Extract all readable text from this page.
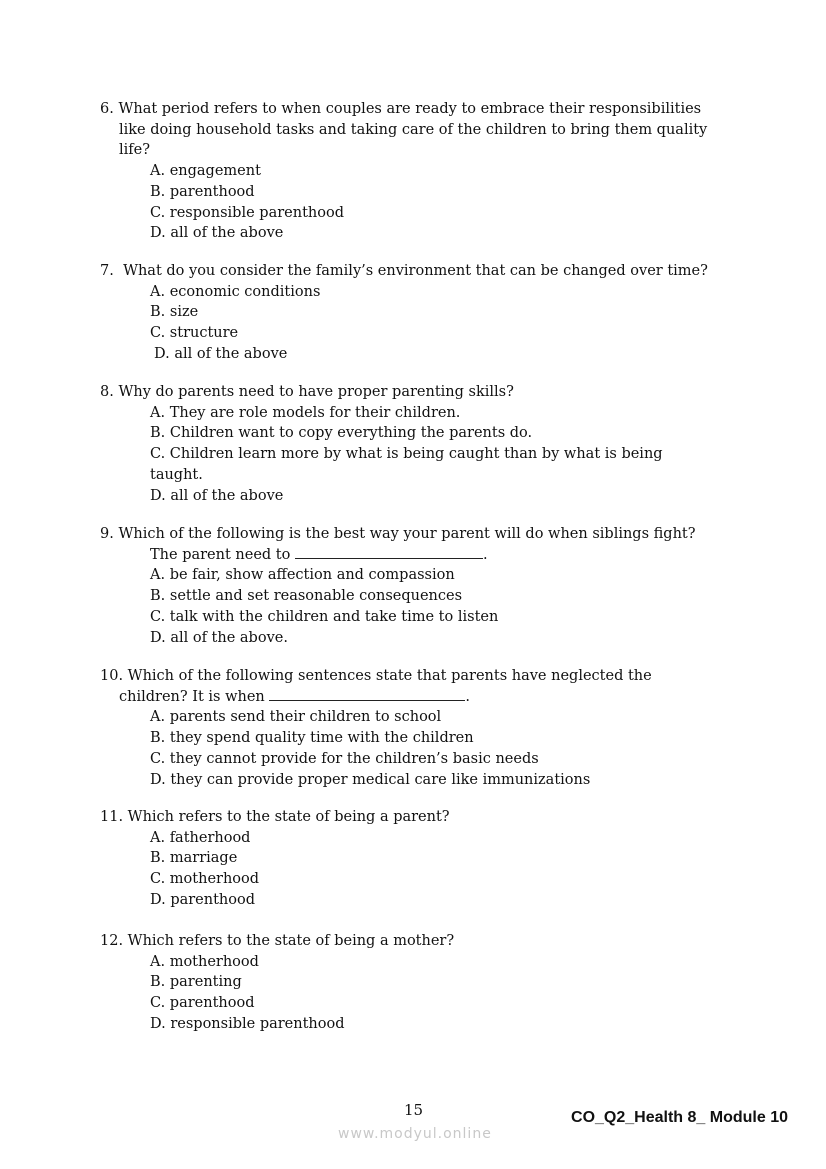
6. What period refers to when couples are ready to embrace their responsibilities
like doing household tasks and taking care of the children to bring them quality
life?
A. engagement
B. parenthood
C. responsible parenthood
D. all of the above
7. What do you consider the family’s environment that can be changed over time?
A. economic conditions
B. size
C. structure
D. all of the above
8. Why do parents need to have proper parenting skills?
A. They are role models for their children.
B. Children want to copy everything the parents do.
C. Children learn more by what is being caught than by what is being
taught.
D. all of the above
9. Which of the following is the best way your parent will do when siblings fight?
The parent need to	.
A. be fair, show affection and compassion
B. settle and set reasonable consequences
C. talk with the children and take time to listen
D. all of the above.
10. Which of the following sentences state that parents have neglected the
children? It is when	.
A. parents send their children to school
B. they spend quality time with the children
C. they cannot provide for the children’s basic needs
D. they can provide proper medical care like immunizations
11. Which refers to the state of being a parent?
A. fatherhood
B. marriage
C. motherhood
D. parenthood
12. Which refers to the state of being a mother?
A. motherhood
B. parenting
C. parenthood
D. responsible parenthood
15	CO_Q2_Health 8_ Module 10
www.modyul.online
